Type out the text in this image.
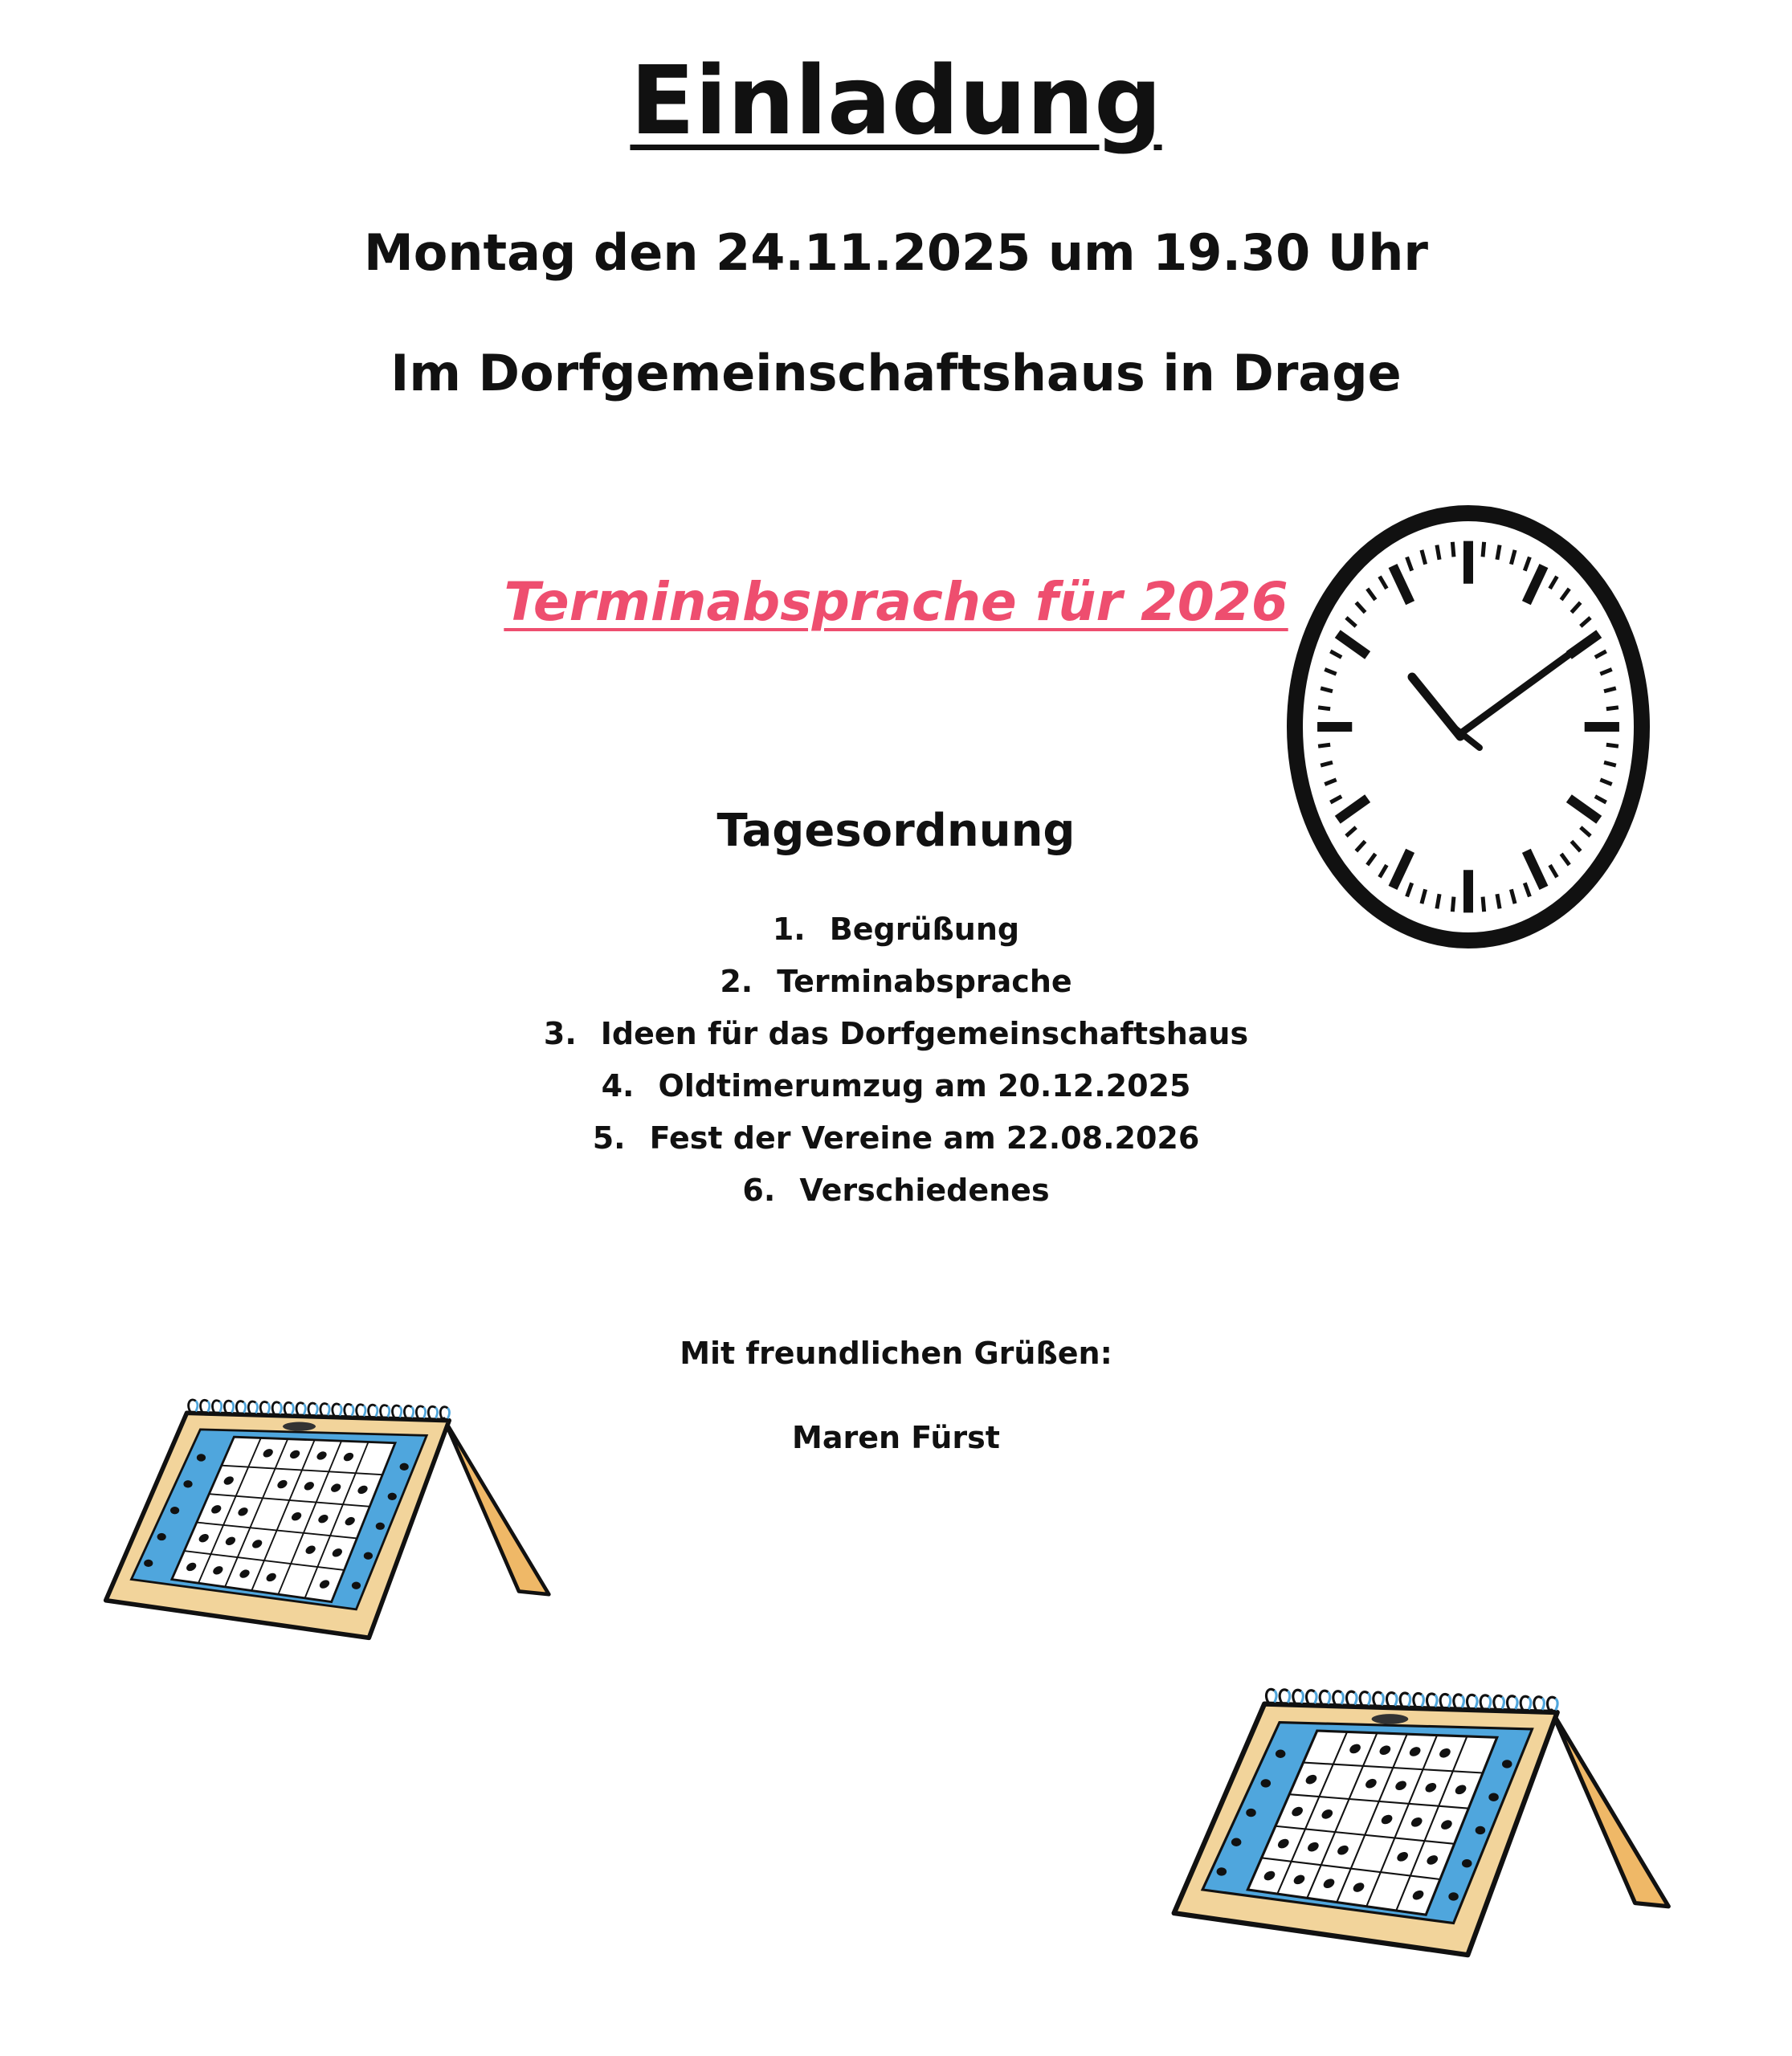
Einladung
Montag den 24.11.2025 um 19.30 Uhr
Im Dorfgemeinschaftshaus in Drage
Terminabsprache für 2026
Tagesordnung
1. Begrüßung
2. Terminabsprache
3. Ideen für das Dorfgemeinschaftshaus
4. Oldtimerumzug am 20.12.2025
5. Fest der Vereine am 22.08.2026
6. Verschiedenes
Mit freundlichen Grüßen:
Maren Fürst
